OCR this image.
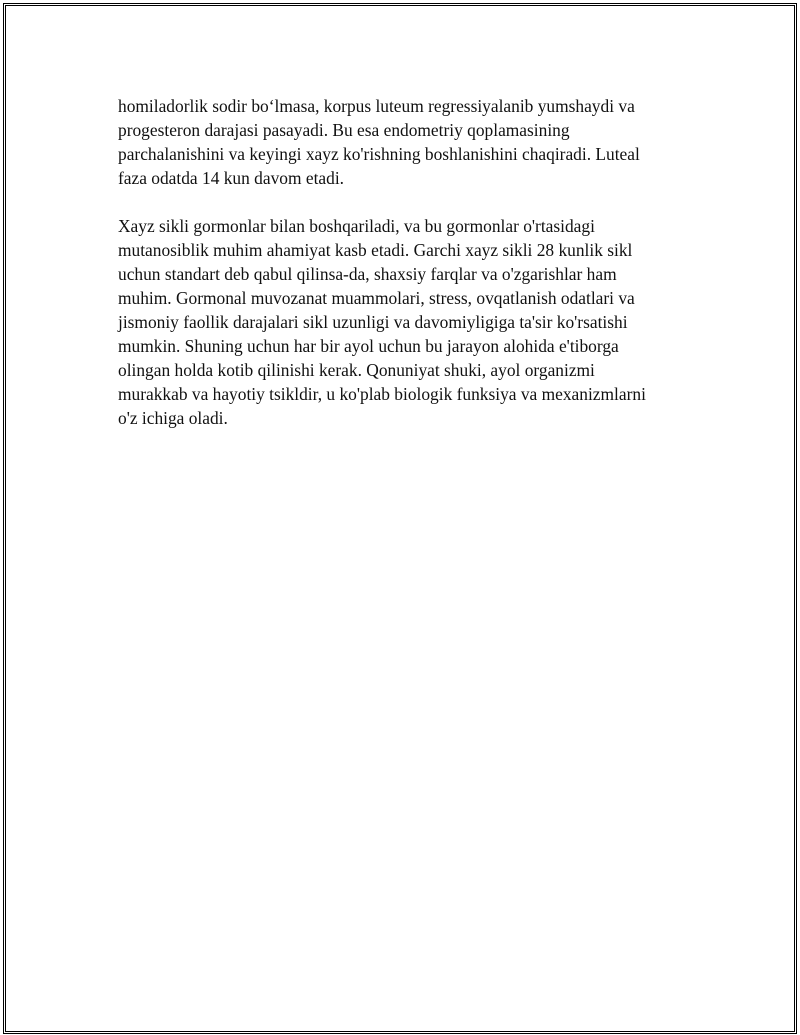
homiladorlik sodir bo‘lmasa, korpus luteum regressiyalanib yumshaydi va
progesteron darajasi pasayadi. Bu esa endometriy qoplamasining
parchalanishini va keyingi xayz ko'rishning boshlanishini chaqiradi. Luteal
faza odatda 14 kun davom etadi.

Xayz sikli gormonlar bilan boshqariladi, va bu gormonlar o'rtasidagi
mutanosiblik muhim ahamiyat kasb etadi. Garchi xayz sikli 28 kunlik sikl
uchun standart deb qabul qilinsa-da, shaxsiy farqlar va o'zgarishlar ham
muhim. Gormonal muvozanat muammolari, stress, ovqatlanish odatlari va
jismoniy faollik darajalari sikl uzunligi va davomiyligiga ta'sir ko'rsatishi
mumkin. Shuning uchun har bir ayol uchun bu jarayon alohida e'tiborga
olingan holda kotib qilinishi kerak. Qonuniyat shuki, ayol organizmi
murakkab va hayotiy tsikldir, u ko'plab biologik funksiya va mexanizmlarni
o'z ichiga oladi.
